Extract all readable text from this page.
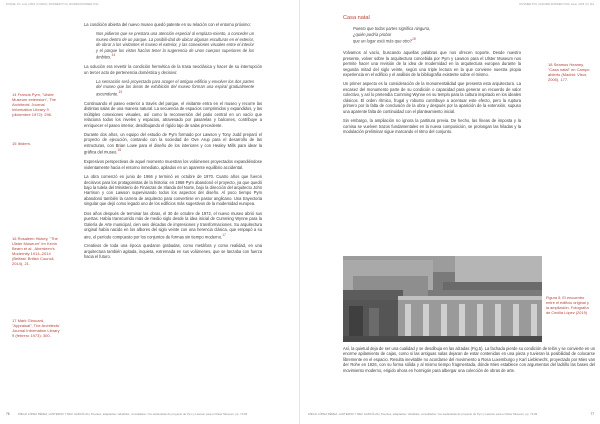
DUQUE, CC. Lore | 2016 | 5 (2016) | DOSSIER PYH | HOLDEN DOSSIER VOH
14 Francis Pym, "Ulster Museum extension", The Architects' Journal Information Library 9 (diciembre 1972): 296.
15 Ibídem.
16 Rosaleen Hickey, "The Ulster Museum" en Kevin Bearn et al., Aberdeen's Modernity 1914–2014 (Belfast: British Council, 2014), 21.
17 Mark Girouard, "Appraisal", The Architects' Journal Information Library 9 (febrero 1973): 300.

La condición abierta del nuevo museo quedó patente en su relación con el entorno próximo:

Nos pidieron que se prestara una atención especial al emplaza-miento, a conceder un museo dentro de un parque. La posibili-dad de ubicar algunas esculturas en el exterior, de obrar a los visitantes el museo el exterior, y las conexiones visuales entre el interior y el parque los vistos hacían tener la sugerencia de unos cuerpos superiores de los ámbitos.$^{14}$

La solución era revertir la condición hermética de la trasa neoclásica y hacer de su interrupción un tercer acto de pertenencia doméstica y decisivo:

La sensación será proyectada para acoger el antiguo edificio y envolver los dos partes del museo que las áreas de exhibición del museo forman una espiral gradualmente ascendente.$^{15}$

Continuando el paseo exterior a través del parque, el visitante entra en el museo y recorre las distintas salas de una manera natural. La secuencia de espacios comprimidos y expandidos, y las múltiples conexiones visuales, así como la reconversión del patio central en un vacío que relaciona todos los niveles y espacios, atravesado por pasarelas y balcones, contribuye a enriquecer el paseo interior, desdibujando el rígido tajo de salas precedente.

Durante dos años, un equipo del estudio de Pym formado por Lawson y Tony Judd preparó el proyecto de ejecución, contando con la sociedad de Ove Arup para el desarrollo de las estructuras, con Brian Lowe para el diseño de los interiores y con Healey Mills para idear la gráfica del museo.$^{16}$

Expresivos perspectivas de aquel momento muestran los volúmenes proyectados expandiéndose violentamente hacia el entorno inmediato, apilados en un aparente equilibrio accidental.

La obra comenzó en junio de 1966 y terminó en octubre de 1970. Cuatro años que fueron decisivos para los protagonistas de la historia: en 1968 Pym abandonó el proyecto, ya que quedó bajo la tutela del Ministerio de Finanzas de Irlanda del Norte, bajo la dirección del arquitecto John Harrison y con Lawson supervisando todos los aspectos del diseño. Al poco tiempo Pym abandonó también la carrera de arquitecto para convertirse en pastor anglicano. Una trayectoria singular que dejó como legado uno de los edificios más sugestivos de la modernidad europea.

Dos años después de terminar las obras, el 30 de octubre de 1972, el nuevo museo abrió sus puertas. Había transcurrido más de medio siglo desde la idea inicial de Cumming Wynne para la Galería de Arte municipal, cien seis décadas de impresiones y transformaciones. Su arquitectura original había nacido en los albores del siglo veinte con una herencia clásica, que empapó a su aire, el período compuesto por los conjuntos de formas sin tiempo moderno.$^{17}$

Creativos de toda una época quedaron grabadas, como metáfora y como realidad, en una arquitectura también agitada, inquieta, extremada en sus volúmenes, que se lanzaba con fuerza hacia el futuro.

76	DÍEGO LÓPEZ PÉREZ, LANTERNO Y REC GARCÍA ZA | Puentes, adaptados / añadidos, consultados / los sacándolas de proyecto de Pym y Lawson para el Ulster Museum, pp. 73-84
DOSSIER PYH | HOLDEN DOSSIER VOH | issue. 2016 | 5 | 112
Casa natal
Puesto que todas partes significa ninguna,
¿quién podría probar
que un lugar está más que otro?$^{18}$

Volvamos al vacío, buscando aquellas palabras que nos ofrecen soporte. Desde nuestro presente, volver sobre la arquitectura concebida por Pym y Lawson para el Ulster Museum nos permite hacer una revisión de la idea de modernidad en la arquitectura europea durante la segunda mitad del siglo veinte, según una triple lectura en la que conviene nuestra propia experiencia en el edificio y el análisis de la bibliografía existente sobre el mismo.

Un primer aspecto es la consideración de la monumentalidad que presenta esta arquitectura. La escasez del monumento parte de su condición o capacidad para generar un recuerdo de valor colectivo, y así lo pretendía Cumming Wynne en su templo para la cultura inspirado en los ideales clásicos. El orden rítmico, frugal y robusto contribuye a acentuar este efecto, pero la ruptura primero por la falta de conclusión de la obra y después por la aparición de la extensión, supuso una aparente falta de continuidad con el planteamiento inicial.

Sin embargo, la ampliación no ignora la partitura previa. De hecho, las líneas de imposta y la cornisa se vuelven trazos fundamentales en la nueva composición, se prolongan las hiladas y la modulación preliminar sigue marcando el ritmo del conjunto.

18 Seamus Heaney, "Casa natal" en Campo abierto (Madrid: Visor, 2005), 177.

Así, la quietud deja de ser una cualidad y se desdibuja en las alzadas (Fig.5). La fachada pierde su condición de telón y se convierte en un enorme apilamiento de cajas, como si las antiguas salas dejaran de estar contenidas en una pieza y tuvieran la posibilidad de colocarse libremente en el espacio. Resulta inevitable no acordarse del movimiento a Rosa Luxemburgo y Karl Liebknecht, proyectado por Mies van der Rohe en 1926, con su forma sólida y al mismo tiempo fragmentada, dónde Mies establece con argumentos del ladrillo las bases del movimiento moderno, erigido ahora en hormigón para albergar una colección de obras de arte.

DÍEGO LÓPEZ PÉREZ, LANTERNO Y REC GARCÍA ZA | Puentes, adaptados / añadidos, consultados / los sacándolas de proyecto de Pym y Lawson para el Ulster Museum, pp. 73-84	77
Figura 5. El encuentro entre el edificio original y la ampliación. Fotografía de Cecilia López (2019)
